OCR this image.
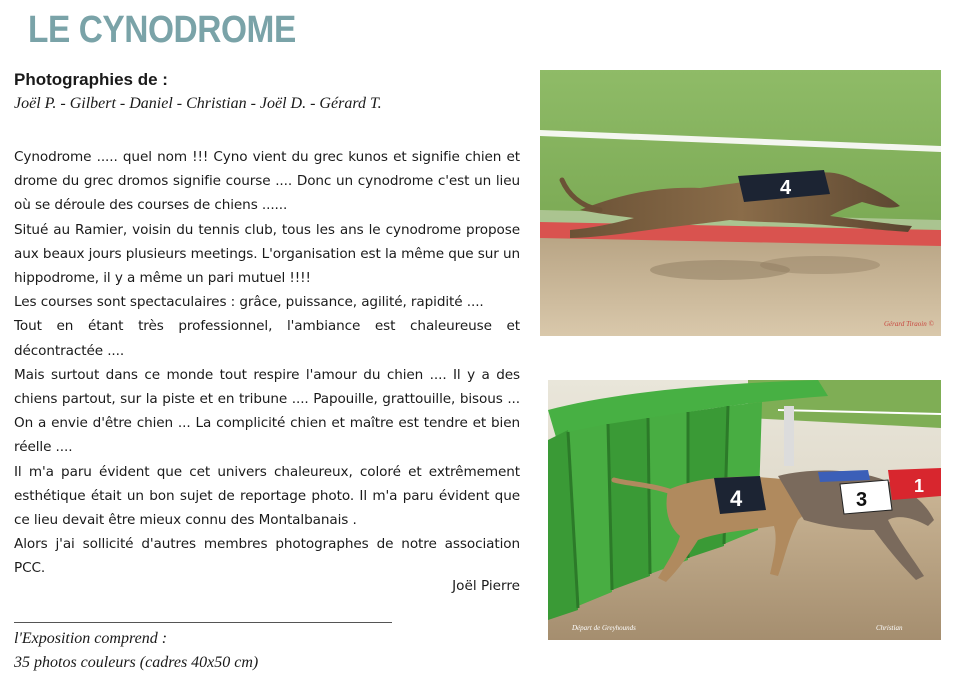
LE CYNODROME
Photographies de :
Joël P. - Gilbert - Daniel - Christian - Joël D. - Gérard T.

Cynodrome ..... quel nom !!! Cyno vient du grec kunos et signifie chien et drome du grec dromos signifie course .... Donc un cynodrome c'est un lieu où se déroule des courses de chiens ......

Situé au Ramier, voisin du tennis club, tous les ans le cynodrome propose aux beaux jours plusieurs meetings. L'organisation est la même que sur un hippodrome, il y a même un pari mutuel !!!!

Les courses sont spectaculaires : grâce, puissance, agilité, rapidité ....

Tout en étant très professionnel, l'ambiance est chaleureuse et décontractée ....

Mais surtout dans ce monde tout respire l'amour du chien .... Il y a des chiens partout, sur la piste et en tribune .... Papouille, grattouille, bisous ... On a envie d'être chien ... La complicité chien et maître est tendre et bien réelle ....

Il m'a paru évident que cet univers chaleureux, coloré et extrêmement esthétique était un bon sujet de reportage photo. Il m'a paru évident que ce lieu devait être mieux connu des Montalbanais .

Alors j'ai sollicité d'autres membres photographes de notre association PCC.

Joël Pierre
l'Exposition comprend :
35 photos couleurs (cadres 40x50 cm)
4
Gérard Tiraoin ©
4	3
1
Départ de Greyhounds	Christian
